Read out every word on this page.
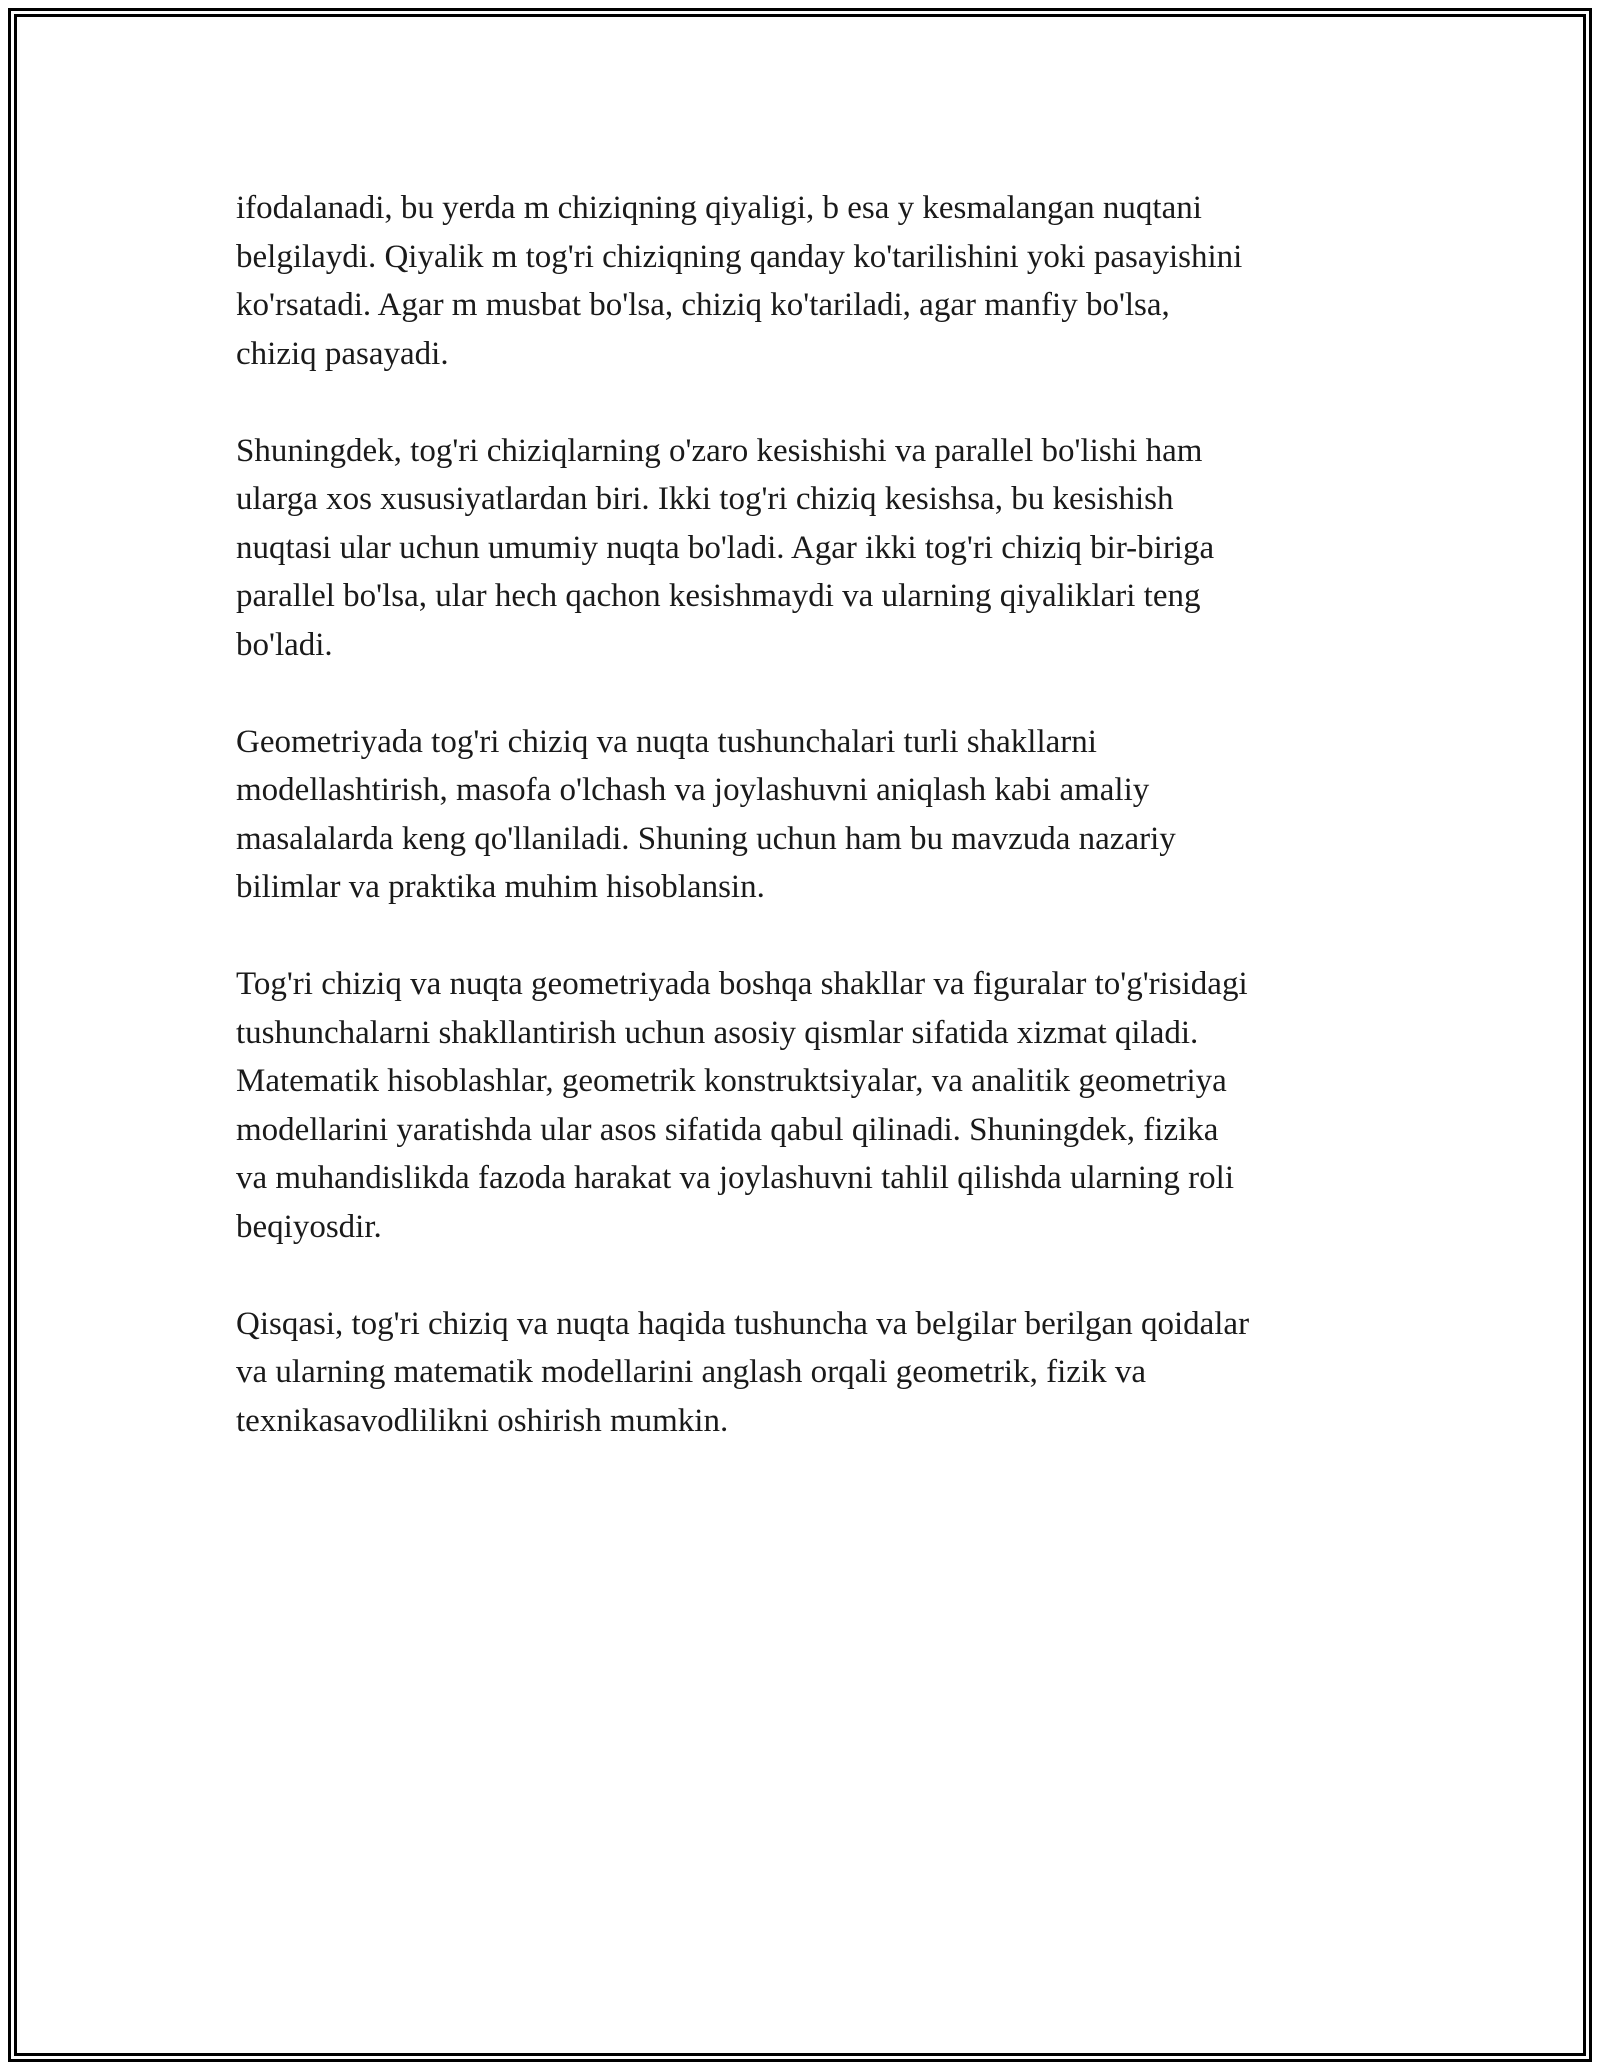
ifodalanadi, bu yerda m chiziqning qiyaligi, b esa y kesmalangan nuqtani
belgilaydi. Qiyalik m tog'ri chiziqning qanday ko'tarilishini yoki pasayishini
ko'rsatadi. Agar m musbat bo'lsa, chiziq ko'tariladi, agar manfiy bo'lsa,
chiziq pasayadi.

Shuningdek, tog'ri chiziqlarning o'zaro kesishishi va parallel bo'lishi ham
ularga xos xususiyatlardan biri. Ikki tog'ri chiziq kesishsa, bu kesishish
nuqtasi ular uchun umumiy nuqta bo'ladi. Agar ikki tog'ri chiziq bir-biriga
parallel bo'lsa, ular hech qachon kesishmaydi va ularning qiyaliklari teng
bo'ladi.

Geometriyada tog'ri chiziq va nuqta tushunchalari turli shakllarni
modellashtirish, masofa o'lchash va joylashuvni aniqlash kabi amaliy
masalalarda keng qo'llaniladi. Shuning uchun ham bu mavzuda nazariy
bilimlar va praktika muhim hisoblansin.

Tog'ri chiziq va nuqta geometriyada boshqa shakllar va figuralar to'g'risidagi
tushunchalarni shakllantirish uchun asosiy qismlar sifatida xizmat qiladi.
Matematik hisoblashlar, geometrik konstruktsiyalar, va analitik geometriya
modellarini yaratishda ular asos sifatida qabul qilinadi. Shuningdek, fizika
va muhandislikda fazoda harakat va joylashuvni tahlil qilishda ularning roli
beqiyosdir.

Qisqasi, tog'ri chiziq va nuqta haqida tushuncha va belgilar berilgan qoidalar
va ularning matematik modellarini anglash orqali geometrik, fizik va
texnikasavodlilikni oshirish mumkin.
